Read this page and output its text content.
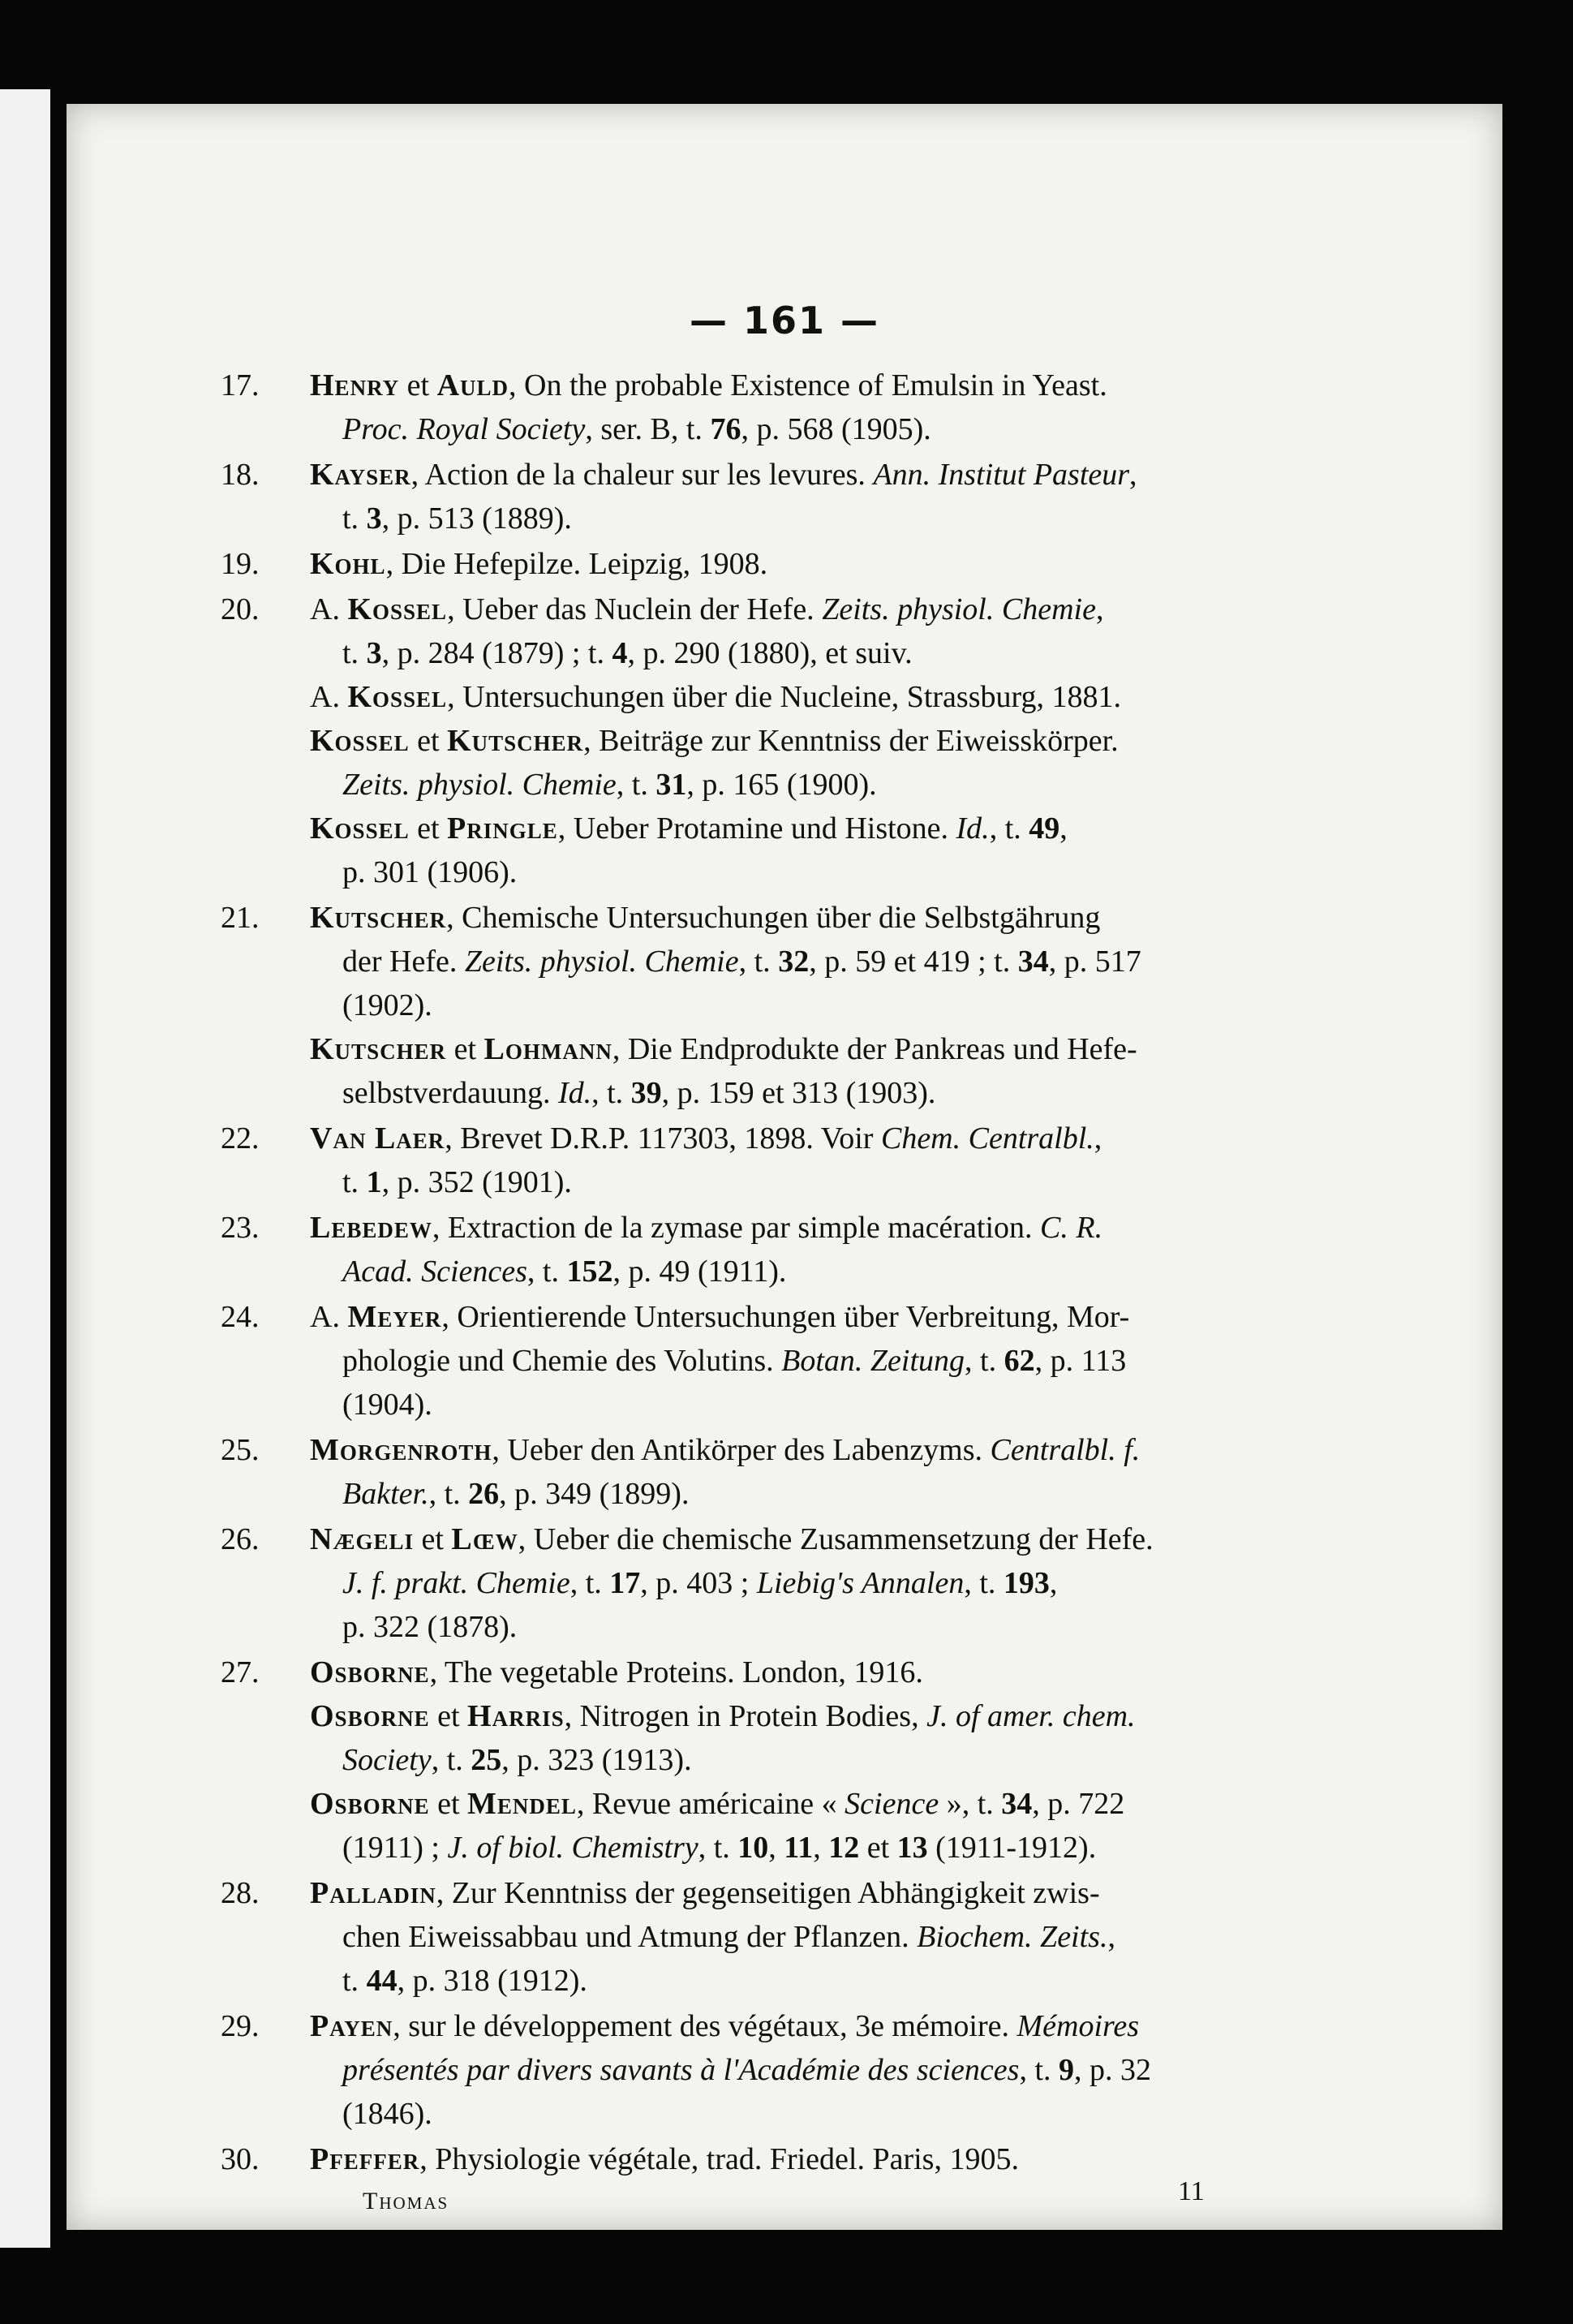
— 161 —
17.	Henry et Auld, On the probable Existence of Emulsin in Yeast.
Proc. Royal Society, ser. B, t. 76, p. 568 (1905).
18.	Kayser, Action de la chaleur sur les levures. Ann. Institut Pasteur,
t. 3, p. 513 (1889).
19.	Kohl, Die Hefepilze. Leipzig, 1908.
20.	A. Kossel, Ueber das Nuclein der Hefe. Zeits. physiol. Chemie,
t. 3, p. 284 (1879) ; t. 4, p. 290 (1880), et suiv.
A. Kossel, Untersuchungen über die Nucleine, Strassburg, 1881.
Kossel et Kutscher, Beiträge zur Kenntniss der Eiweisskörper.
Zeits. physiol. Chemie, t. 31, p. 165 (1900).
Kossel et Pringle, Ueber Protamine und Histone. Id., t. 49,
p. 301 (1906).
21.	Kutscher, Chemische Untersuchungen über die Selbstgährung
der Hefe. Zeits. physiol. Chemie, t. 32, p. 59 et 419 ; t. 34, p. 517
(1902).
Kutscher et Lohmann, Die Endprodukte der Pankreas und Hefe-
selbstverdauung. Id., t. 39, p. 159 et 313 (1903).
22.	Van Laer, Brevet D.R.P. 117303, 1898. Voir Chem. Centralbl.,
t. 1, p. 352 (1901).
23.	Lebedew, Extraction de la zymase par simple macération. C. R.
Acad. Sciences, t. 152, p. 49 (1911).
24.	A. Meyer, Orientierende Untersuchungen über Verbreitung, Mor-
phologie und Chemie des Volutins. Botan. Zeitung, t. 62, p. 113
(1904).
25.	Morgenroth, Ueber den Antikörper des Labenzyms. Centralbl. f.
Bakter., t. 26, p. 349 (1899).
26.	Nægeli et Lœw, Ueber die chemische Zusammensetzung der Hefe.
J. f. prakt. Chemie, t. 17, p. 403 ; Liebig's Annalen, t. 193,
p. 322 (1878).
27.	Osborne, The vegetable Proteins. London, 1916.
Osborne et Harris, Nitrogen in Protein Bodies, J. of amer. chem.
Society, t. 25, p. 323 (1913).
Osborne et Mendel, Revue américaine « Science », t. 34, p. 722
(1911) ; J. of biol. Chemistry, t. 10, 11, 12 et 13 (1911-1912).
28.	Palladin, Zur Kenntniss der gegenseitigen Abhängigkeit zwis-
chen Eiweissabbau und Atmung der Pflanzen. Biochem. Zeits.,
t. 44, p. 318 (1912).
29.	Payen, sur le développement des végétaux, 3e mémoire. Mémoires
présentés par divers savants à l'Académie des sciences, t. 9, p. 32
(1846).
30.	Pfeffer, Physiologie végétale, trad. Friedel. Paris, 1905.
Thomas	11
